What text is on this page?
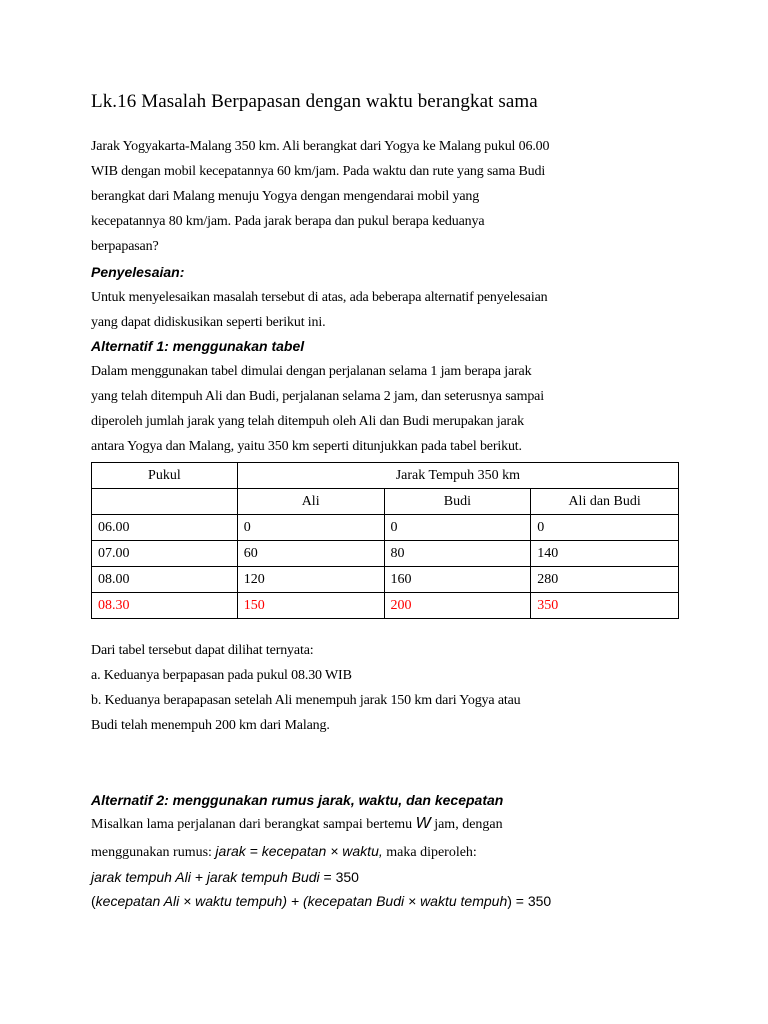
Lk.16 Masalah Berpapasan dengan waktu berangkat sama
Jarak Yogyakarta-Malang 350 km. Ali berangkat dari Yogya ke Malang pukul 06.00
WIB dengan mobil kecepatannya 60 km/jam. Pada waktu dan rute yang sama Budi
berangkat dari Malang menuju Yogya dengan mengendarai mobil yang
kecepatannya 80 km/jam. Pada jarak berapa dan pukul berapa keduanya
berpapasan?

Penyelesaian:

Untuk menyelesaikan masalah tersebut di atas, ada beberapa alternatif penyelesaian
yang dapat didiskusikan seperti berikut ini.

Alternatif 1: menggunakan tabel

Dalam menggunakan tabel dimulai dengan perjalanan selama 1 jam berapa jarak
yang telah ditempuh Ali dan Budi, perjalanan selama 2 jam, dan seterusnya sampai
diperoleh jumlah jarak yang telah ditempuh oleh Ali dan Budi merupakan jarak
antara Yogya dan Malang, yaitu 350 km seperti ditunjukkan pada tabel berikut.
Pukul	Jarak Tempuh 350 km		
	Ali	Budi	Ali dan Budi
06.00	0	0	0
07.00	60	80	140
08.00	120	160	280
08.30	150	200	350
Dari tabel tersebut dapat dilihat ternyata:
a. Keduanya berpapasan pada pukul 08.30 WIB
b. Keduanya berapapasan setelah Ali menempuh jarak 150 km dari Yogya atau
Budi telah menempuh 200 km dari Malang.

Alternatif 2: menggunakan rumus jarak, waktu, dan kecepatan

Misalkan lama perjalanan dari berangkat sampai bertemu W jam, dengan

menggunakan rumus: jarak = kecepatan × waktu, maka diperoleh:

jarak tempuh Ali + jarak tempuh Budi = 350

(kecepatan Ali × waktu tempuh) + (kecepatan Budi × waktu tempuh) = 350
